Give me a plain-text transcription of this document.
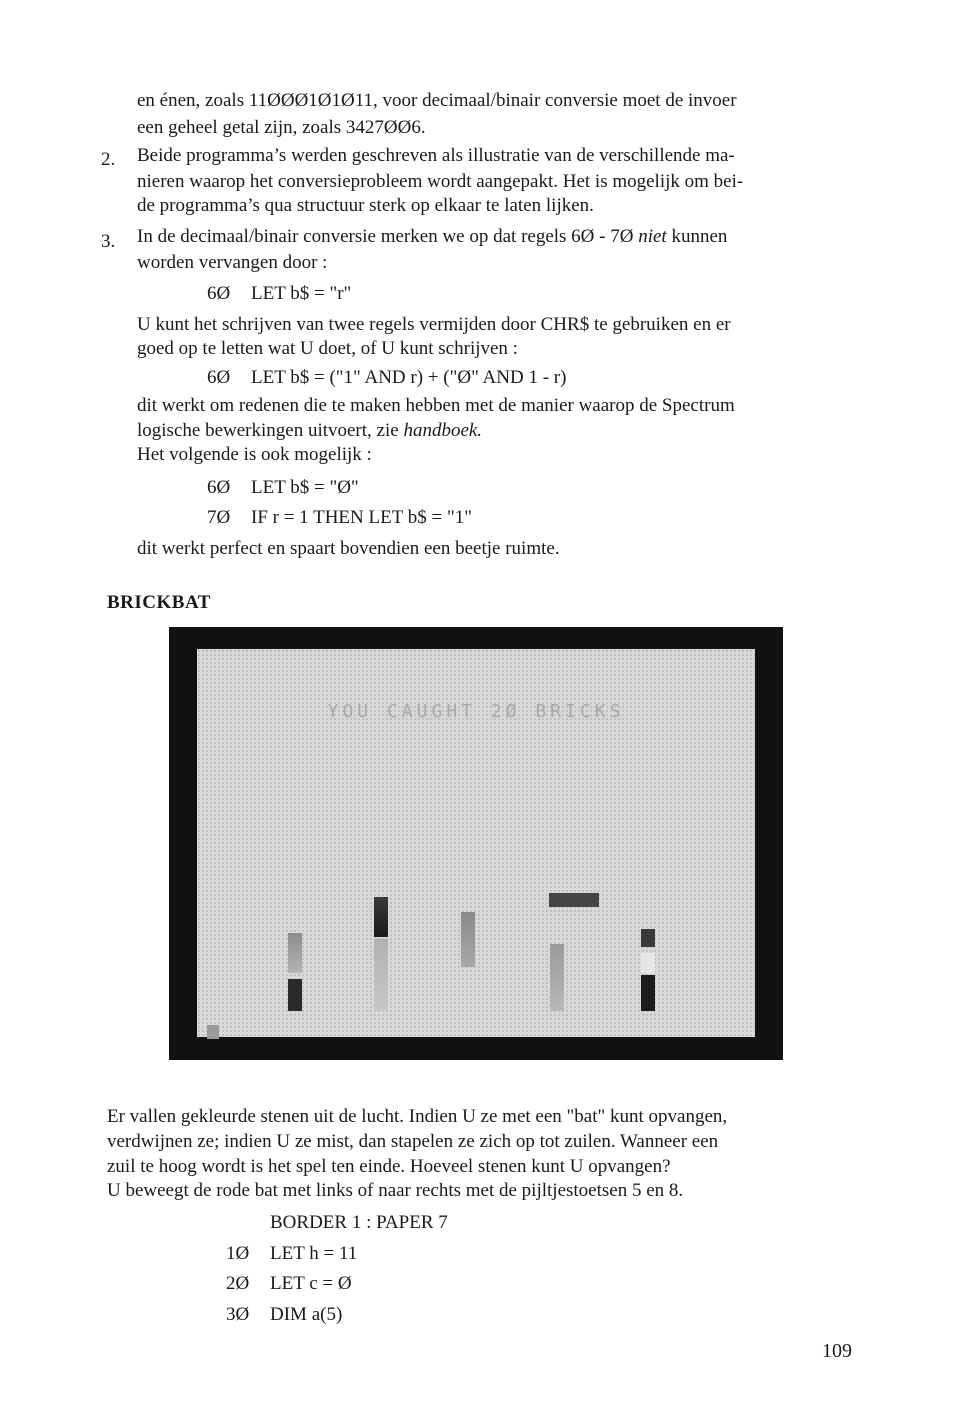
en énen, zoals 11ØØØ1Ø1Ø11, voor decimaal/binair conversie moet de invoer
een geheel getal zijn, zoals 3427ØØ6.
2. Beide programma’s werden geschreven als illustratie van de verschillende ma-
nieren waarop het conversieprobleem wordt aangepakt. Het is mogelijk om bei-
de programma’s qua structuur sterk op elkaar te laten lijken.
3. In de decimaal/binair conversie merken we op dat regels 6Ø - 7Ø niet kunnen
worden vervangen door :
6Ø LET b$ = "r"
U kunt het schrijven van twee regels vermijden door CHR$ te gebruiken en er
goed op te letten wat U doet, of U kunt schrijven :
6Ø LET b$ = ("1" AND r) + ("Ø" AND 1 - r)
dit werkt om redenen die te maken hebben met de manier waarop de Spectrum
logische bewerkingen uitvoert, zie handboek.
Het volgende is ook mogelijk :
6Ø LET b$ = "Ø"
7Ø IF r = 1 THEN LET b$ = "1"
dit werkt perfect en spaart bovendien een beetje ruimte.
BRICKBAT
YOU CAUGHT 2Ø BRICKS
Er vallen gekleurde stenen uit de lucht. Indien U ze met een "bat" kunt opvangen,
verdwijnen ze; indien U ze mist, dan stapelen ze zich op tot zuilen. Wanneer een
zuil te hoog wordt is het spel ten einde. Hoeveel stenen kunt U opvangen?
U beweegt de rode bat met links of naar rechts met de pijltjestoetsen 5 en 8.
BORDER 1 : PAPER 7
1Ø LET h = 11
2Ø LET c = Ø
3Ø DIM a(5)
109
